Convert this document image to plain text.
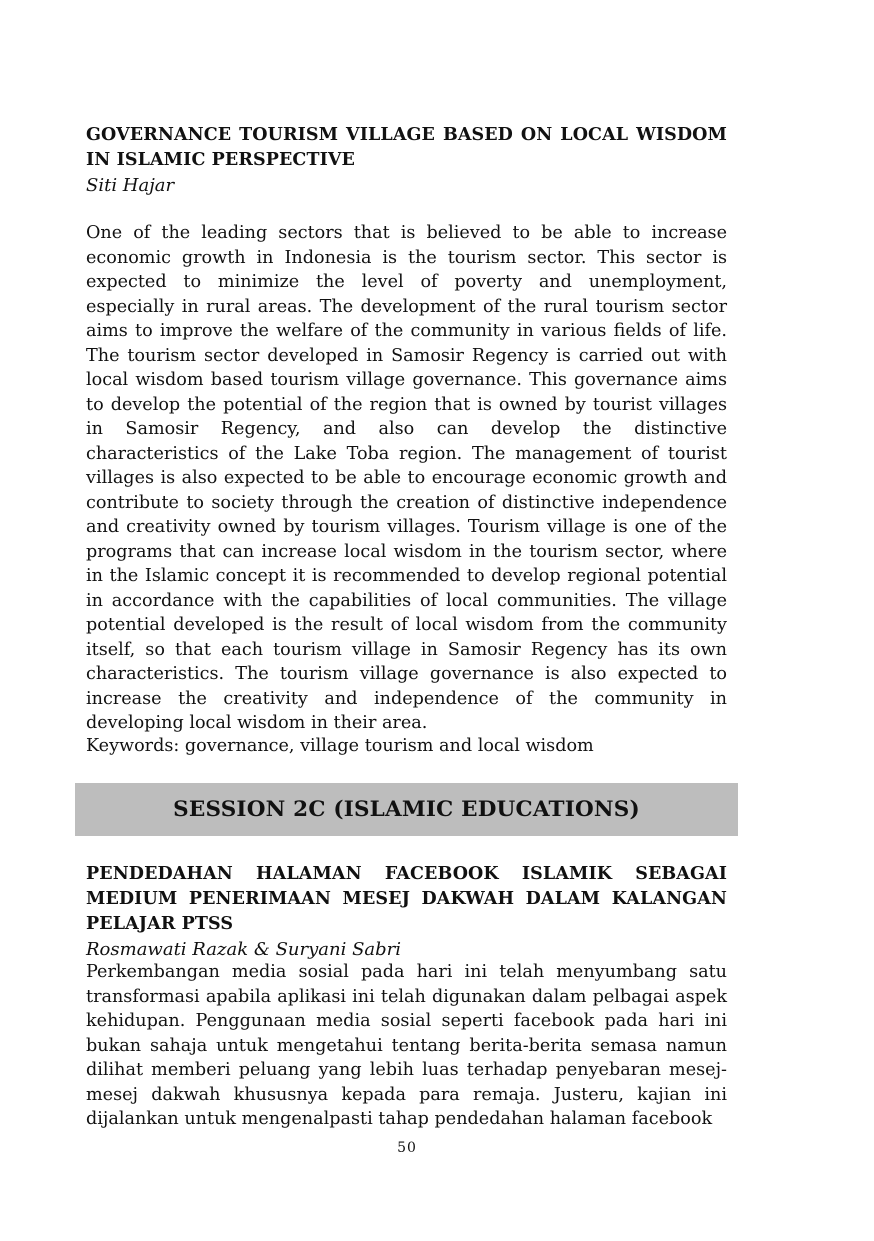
GOVERNANCE TOURISM VILLAGE BASED ON LOCAL WISDOM IN ISLAMIC PERSPECTIVE
Siti Hajar

One of the leading sectors that is believed to be able to increase economic growth in Indonesia is the tourism sector. This sector is expected to minimize the level of poverty and unemployment, especially in rural areas. The development of the rural tourism sector aims to improve the welfare of the community in various fields of life. The tourism sector developed in Samosir Regency is carried out with local wisdom based tourism village governance. This governance aims to develop the potential of the region that is owned by tourist villages in Samosir Regency, and also can develop the distinctive characteristics of the Lake Toba region. The management of tourist villages is also expected to be able to encourage economic growth and contribute to society through the creation of distinctive independence and creativity owned by tourism villages. Tourism village is one of the programs that can increase local wisdom in the tourism sector, where in the Islamic concept it is recommended to develop regional potential in accordance with the capabilities of local communities. The village potential developed is the result of local wisdom from the community itself, so that each tourism village in Samosir Regency has its own characteristics. The tourism village governance is also expected to increase the creativity and independence of the community in developing local wisdom in their area.

Keywords: governance, village tourism and local wisdom

SESSION 2C (ISLAMIC EDUCATIONS)
PENDEDAHAN HALAMAN FACEBOOK ISLAMIK SEBAGAI MEDIUM PENERIMAAN MESEJ DAKWAH DALAM KALANGAN PELAJAR PTSS
Rosmawati Razak & Suryani Sabri

Perkembangan media sosial pada hari ini telah menyumbang satu transformasi apabila aplikasi ini telah digunakan dalam pelbagai aspek kehidupan. Penggunaan media sosial seperti facebook pada hari ini bukan sahaja untuk mengetahui tentang berita-berita semasa namun dilihat memberi peluang yang lebih luas terhadap penyebaran mesej-mesej dakwah khususnya kepada para remaja. Justeru, kajian ini dijalankan untuk mengenalpasti tahap pendedahan halaman facebook

50
